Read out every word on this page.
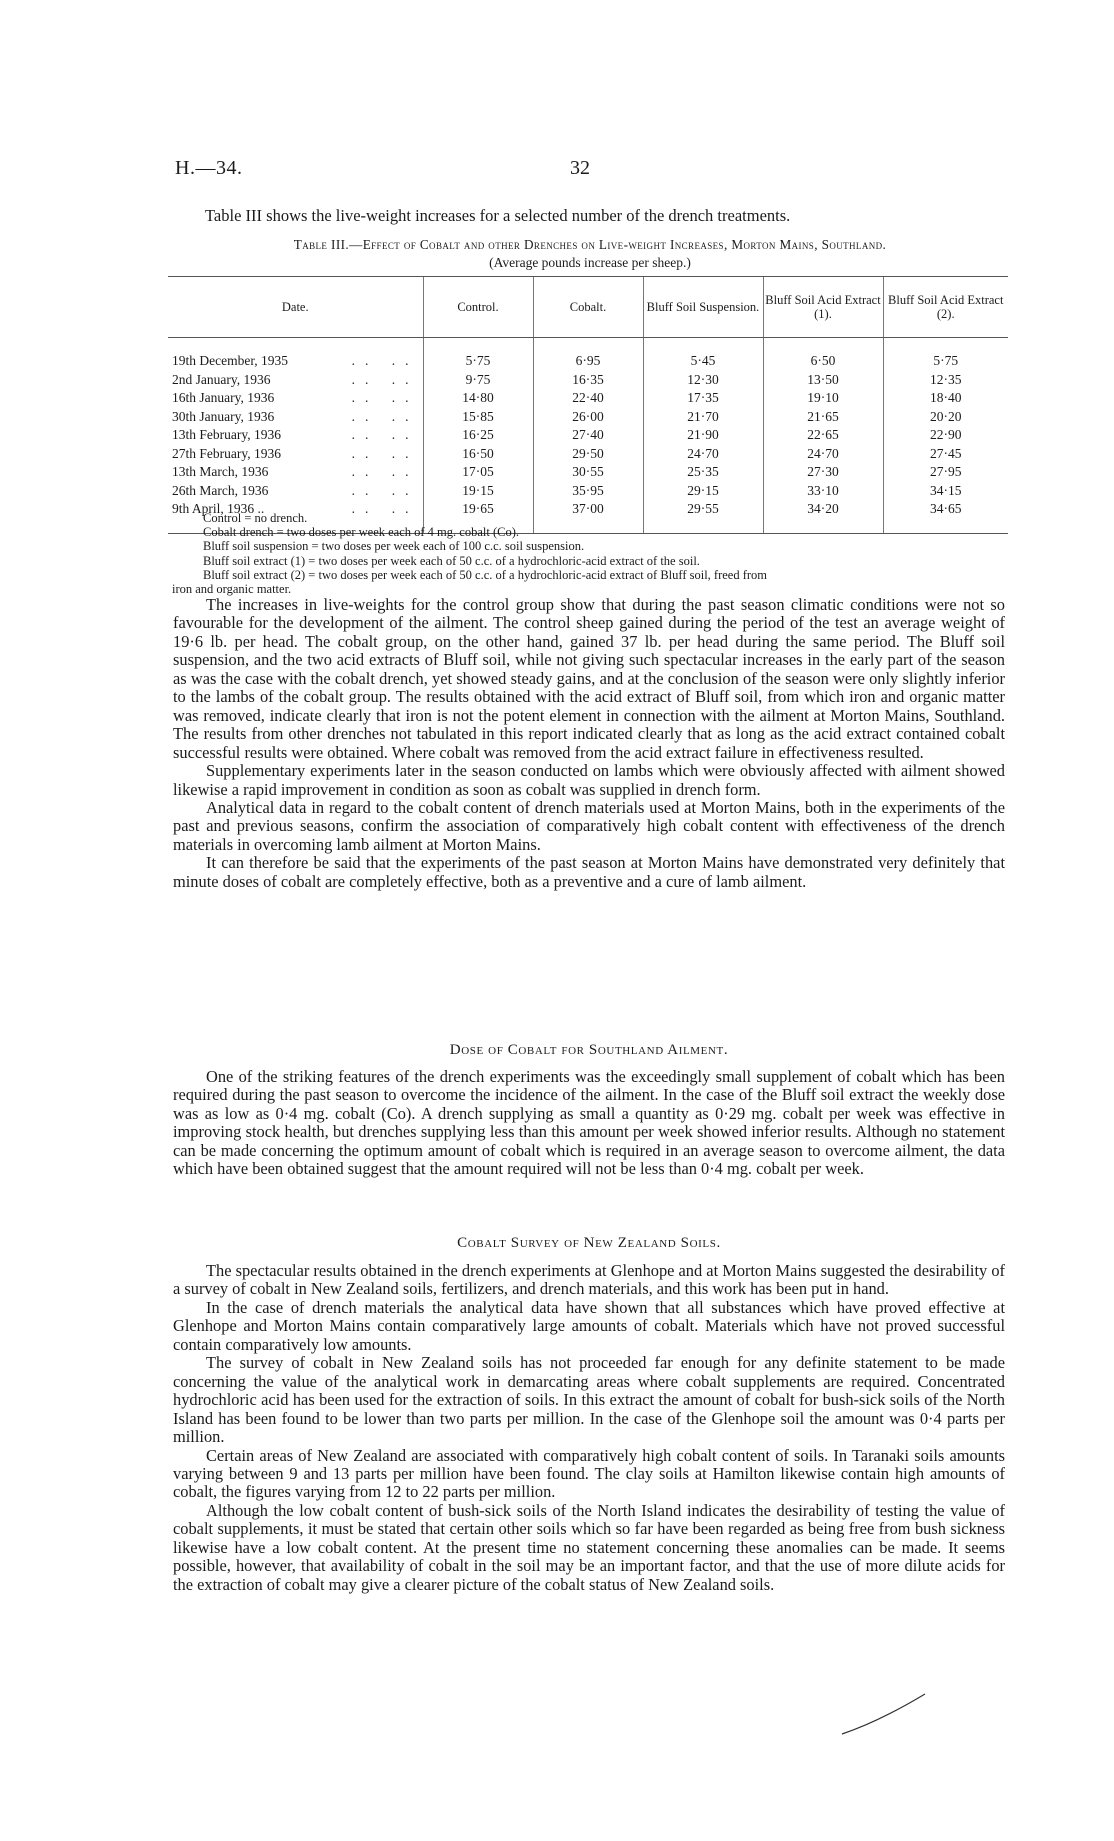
H.—34.	32
Table III shows the live-weight increases for a selected number of the drench treatments.
Table III.—Effect of Cobalt and other Drenches on Live-weight Increases, Morton Mains, Southland.
(Average pounds increase per sheep.)
Date.	Control.	Cobalt.	Bluff Soil Suspension.	Bluff Soil Acid Extract (1).	Bluff Soil Acid Extract (2).
19th December, 1935 .. ..	5·75	6·95	5·45	6·50	5·75
2nd January, 1936 .. ..	9·75	16·35	12·30	13·50	12·35
16th January, 1936 .. ..	14·80	22·40	17·35	19·10	18·40
30th January, 1936 .. ..	15·85	26·00	21·70	21·65	20·20
13th February, 1936 .. ..	16·25	27·40	21·90	22·65	22·90
27th February, 1936 .. ..	16·50	29·50	24·70	24·70	27·45
13th March, 1936 .. ..	17·05	30·55	25·35	27·30	27·95
26th March, 1936 .. ..	19·15	35·95	29·15	33·10	34·15
9th April, 1936 .. .. ..	19·65	37·00	29·55	34·20	34·65
Control = no drench.
Cobalt drench = two doses per week each of 4 mg. cobalt (Co).
Bluff soil suspension = two doses per week each of 100 c.c. soil suspension.
Bluff soil extract (1) = two doses per week each of 50 c.c. of a hydrochloric-acid extract of the soil.
Bluff soil extract (2) = two doses per week each of 50 c.c. of a hydrochloric-acid extract of Bluff soil, freed from
iron and organic matter.

The increases in live-weights for the control group show that during the past season climatic conditions were not so favourable for the development of the ailment. The control sheep gained during the period of the test an average weight of 19·6 lb. per head. The cobalt group, on the other hand, gained 37 lb. per head during the same period. The Bluff soil suspension, and the two acid extracts of Bluff soil, while not giving such spectacular increases in the early part of the season as was the case with the cobalt drench, yet showed steady gains, and at the conclusion of the season were only slightly inferior to the lambs of the cobalt group. The results obtained with the acid extract of Bluff soil, from which iron and organic matter was removed, indicate clearly that iron is not the potent element in connection with the ailment at Morton Mains, Southland. The results from other drenches not tabulated in this report indicated clearly that as long as the acid extract contained cobalt successful results were obtained. Where cobalt was removed from the acid extract failure in effectiveness resulted.

Supplementary experiments later in the season conducted on lambs which were obviously affected with ailment showed likewise a rapid improvement in condition as soon as cobalt was supplied in drench form.

Analytical data in regard to the cobalt content of drench materials used at Morton Mains, both in the experiments of the past and previous seasons, confirm the association of comparatively high cobalt content with effectiveness of the drench materials in overcoming lamb ailment at Morton Mains.

It can therefore be said that the experiments of the past season at Morton Mains have demonstrated very definitely that minute doses of cobalt are completely effective, both as a preventive and a cure of lamb ailment.

Dose of Cobalt for Southland Ailment.

One of the striking features of the drench experiments was the exceedingly small supplement of cobalt which has been required during the past season to overcome the incidence of the ailment. In the case of the Bluff soil extract the weekly dose was as low as 0·4 mg. cobalt (Co). A drench supplying as small a quantity as 0·29 mg. cobalt per week was effective in improving stock health, but drenches supplying less than this amount per week showed inferior results. Although no statement can be made concerning the optimum amount of cobalt which is required in an average season to overcome ailment, the data which have been obtained suggest that the amount required will not be less than 0·4 mg. cobalt per week.

Cobalt Survey of New Zealand Soils.

The spectacular results obtained in the drench experiments at Glenhope and at Morton Mains suggested the desirability of a survey of cobalt in New Zealand soils, fertilizers, and drench materials, and this work has been put in hand.

In the case of drench materials the analytical data have shown that all substances which have proved effective at Glenhope and Morton Mains contain comparatively large amounts of cobalt. Materials which have not proved successful contain comparatively low amounts.

The survey of cobalt in New Zealand soils has not proceeded far enough for any definite statement to be made concerning the value of the analytical work in demarcating areas where cobalt supplements are required. Concentrated hydrochloric acid has been used for the extraction of soils. In this extract the amount of cobalt for bush-sick soils of the North Island has been found to be lower than two parts per million. In the case of the Glenhope soil the amount was 0·4 parts per million.

Certain areas of New Zealand are associated with comparatively high cobalt content of soils. In Taranaki soils amounts varying between 9 and 13 parts per million have been found. The clay soils at Hamilton likewise contain high amounts of cobalt, the figures varying from 12 to 22 parts per million.

Although the low cobalt content of bush-sick soils of the North Island indicates the desirability of testing the value of cobalt supplements, it must be stated that certain other soils which so far have been regarded as being free from bush sickness likewise have a low cobalt content. At the present time no statement concerning these anomalies can be made. It seems possible, however, that availability of cobalt in the soil may be an important factor, and that the use of more dilute acids for the extraction of cobalt may give a clearer picture of the cobalt status of New Zealand soils.
